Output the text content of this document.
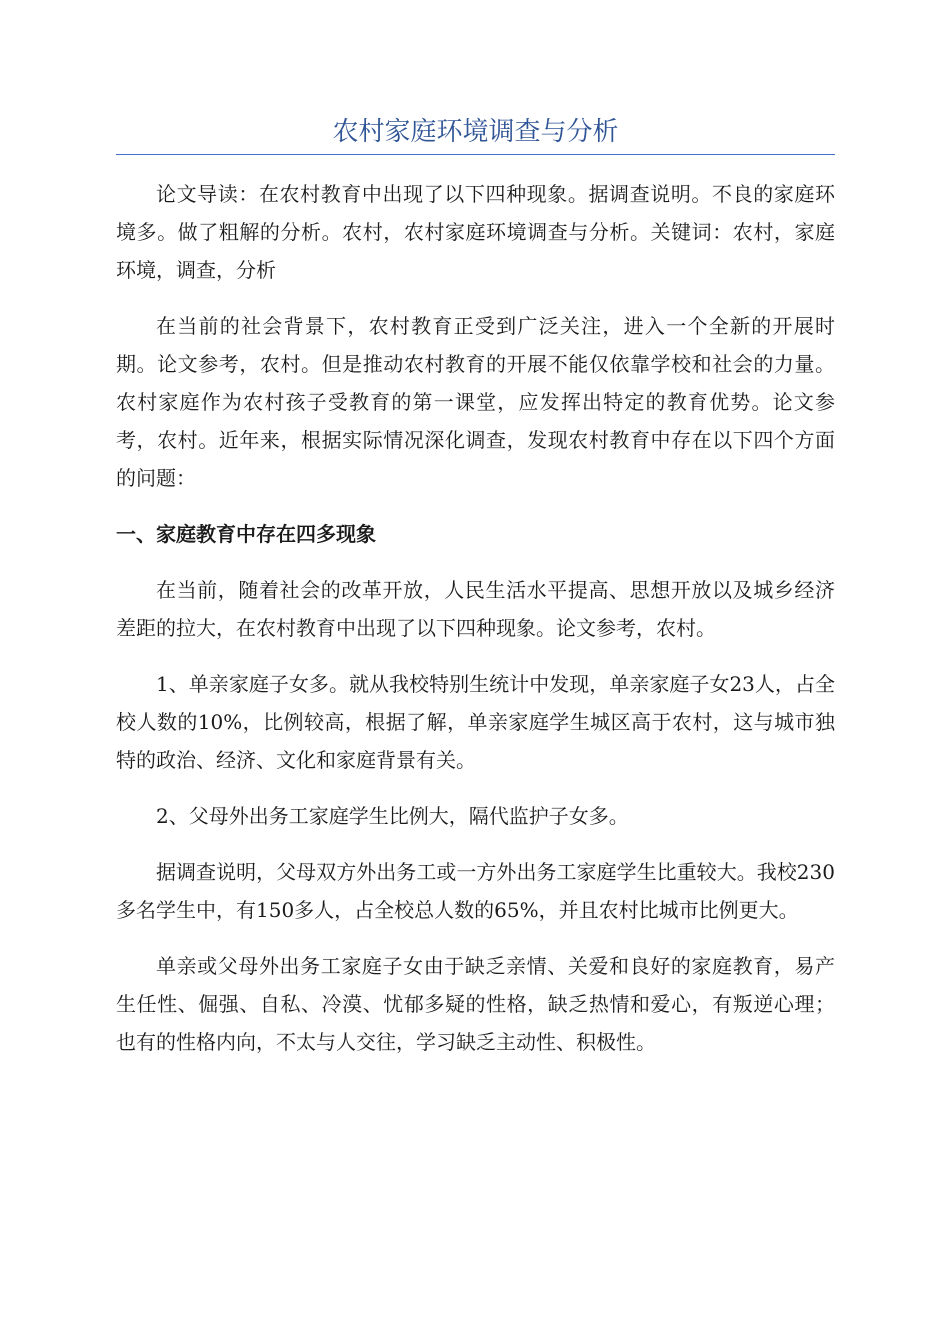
农村家庭环境调查与分析

论文导读：在农村教育中出现了以下四种现象。据调查说明。不良的家庭环境多。做了粗解的分析。农村，农村家庭环境调查与分析。关键词：农村，家庭环境，调查，分析

在当前的社会背景下，农村教育正受到广泛关注，进入一个全新的开展时期。论文参考，农村。但是推动农村教育的开展不能仅依靠学校和社会的力量。农村家庭作为农村孩子受教育的第一课堂，应发挥出特定的教育优势。论文参考，农村。近年来，根据实际情况深化调查，发现农村教育中存在以下四个方面的问题：

一、家庭教育中存在四多现象

在当前，随着社会的改革开放，人民生活水平提高、思想开放以及城乡经济差距的拉大，在农村教育中出现了以下四种现象。论文参考，农村。

1、单亲家庭子女多。就从我校特别生统计中发现，单亲家庭子女23人，占全校人数的10%，比例较高，根据了解，单亲家庭学生城区高于农村，这与城市独特的政治、经济、文化和家庭背景有关。

2、父母外出务工家庭学生比例大，隔代监护子女多。

据调查说明，父母双方外出务工或一方外出务工家庭学生比重较大。我校230多名学生中，有150多人，占全校总人数的65%，并且农村比城市比例更大。

单亲或父母外出务工家庭子女由于缺乏亲情、关爱和良好的家庭教育，易产生任性、倔强、自私、冷漠、忧郁多疑的性格，缺乏热情和爱心，有叛逆心理；也有的性格内向，不太与人交往，学习缺乏主动性、积极性。
